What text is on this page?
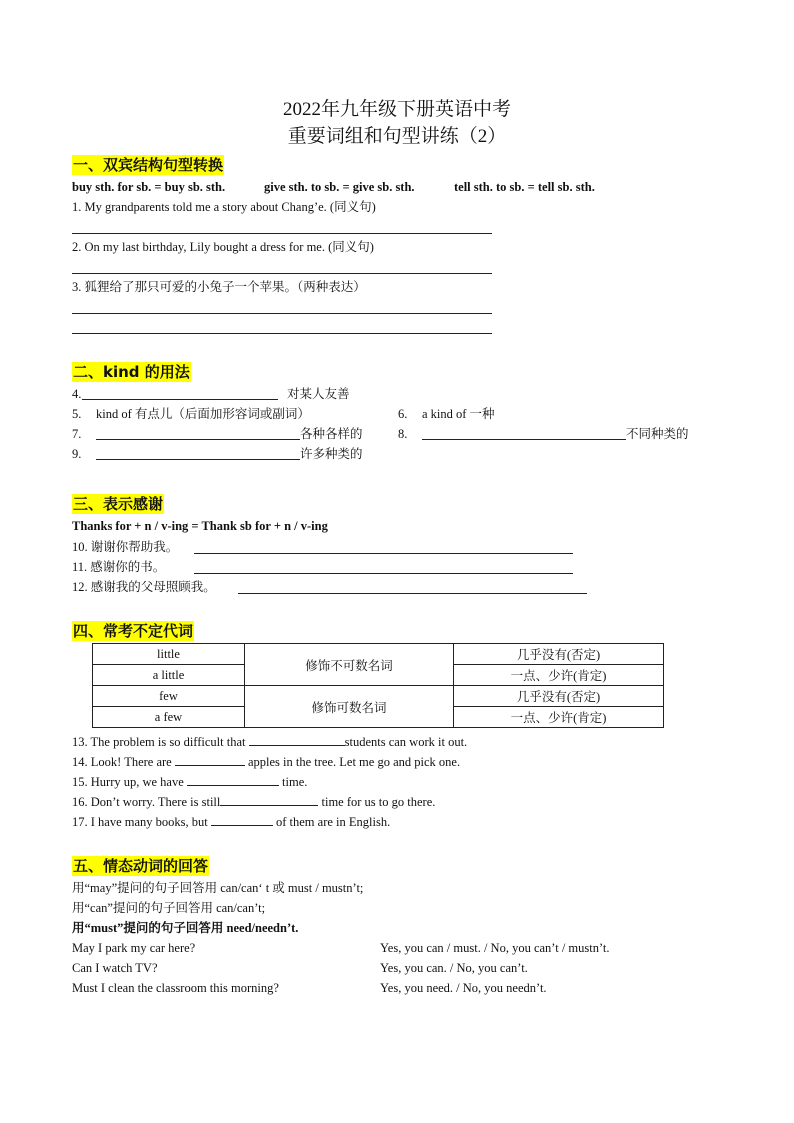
2022年九年级下册英语中考
重要词组和句型讲练（2）
一、双宾结构句型转换
buy sth. for sb. = buy sb. sth.	give sth. to sb. = give sb. sth.	tell sth. to sb. = tell sb. sth.
1. My grandparents told me a story about Chang’e. (同义句)
2. On my last birthday, Lily bought a dress for me. (同义句)
3. 狐狸给了那只可爱的小兔子一个苹果。（两种表达）
二、kind 的用法
4.	对某人友善
5. kind of 有点儿（后面加形容词或副词）	6. a kind of 一种
7.	各种各样的	8.	不同种类的
9.	许多种类的
三、表示感谢
Thanks for + n / v-ing = Thank sb for + n / v-ing
10. 谢谢你帮助我。
11. 感谢你的书。
12. 感谢我的父母照顾我。
四、常考不定代词
little	修饰不可数名词	几乎没有(否定)
a little		一点、少许(肯定)
few	修饰可数名词	几乎没有(否定)
a few		一点、少许(肯定)
13. The problem is so difficult that	students can work it out.
14. Look! There are	apples in the tree. Let me go and pick one.
15. Hurry up, we have	time.
16. Don’t worry. There is still	time for us to go there.
17. I have many books, but	of them are in English.
五、情态动词的回答
用“may”提问的句子回答用 can/can‘ t 或 must / mustn’t;
用“can”提问的句子回答用 can/can’t;
用“must”提问的句子回答用 need/needn’t.
May I park my car here?	Yes, you can / must. / No, you can’t / mustn’t.
Can I watch TV?	Yes, you can. / No, you can’t.
Must I clean the classroom this morning?	Yes, you need. / No, you needn’t.
